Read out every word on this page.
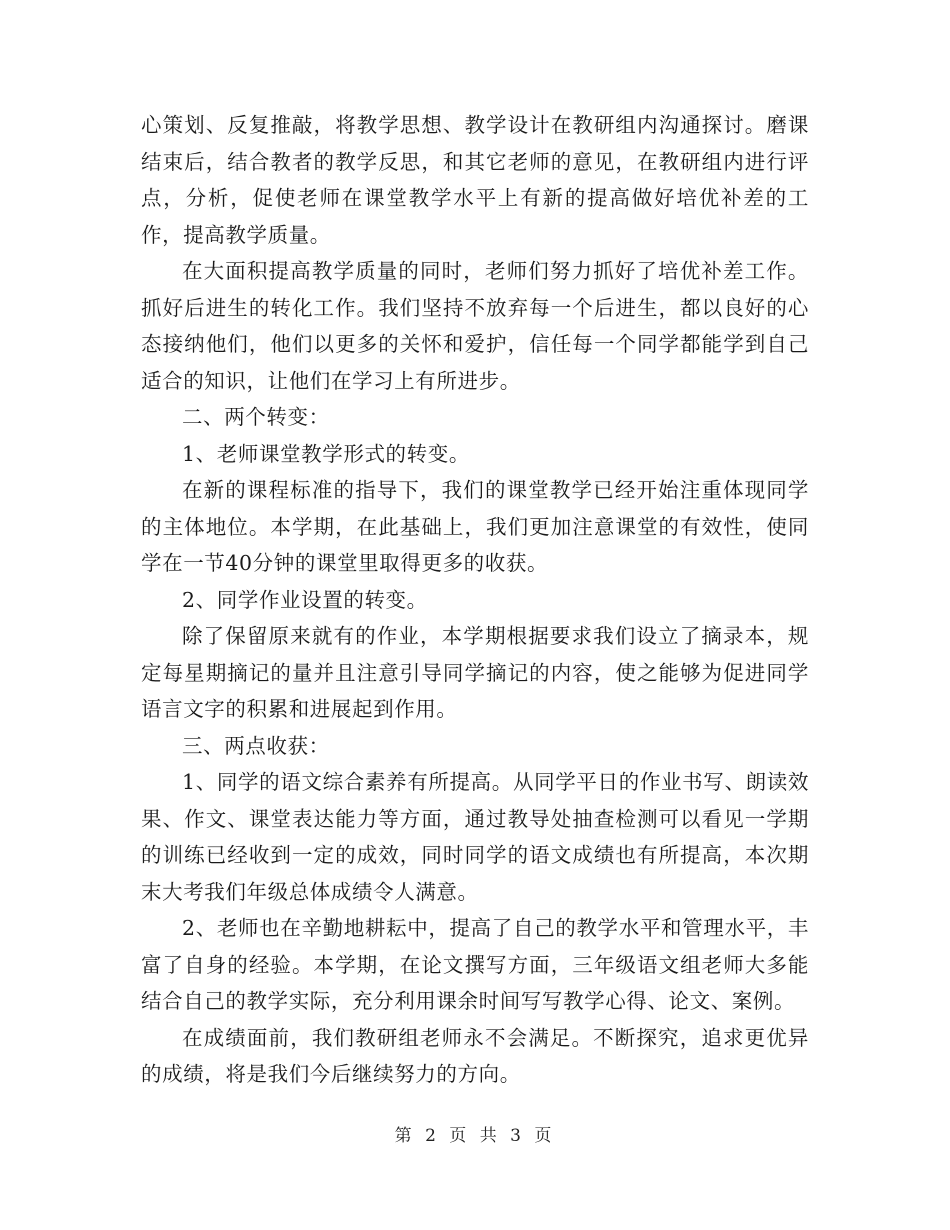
心策划、反复推敲，将教学思想、教学设计在教研组内沟通探讨。磨课结束后，结合教者的教学反思，和其它老师的意见，在教研组内进行评点，分析，促使老师在课堂教学水平上有新的提高做好培优补差的工作，提高教学质量。

在大面积提高教学质量的同时，老师们努力抓好了培优补差工作。抓好后进生的转化工作。我们坚持不放弃每一个后进生，都以良好的心态接纳他们，他们以更多的关怀和爱护，信任每一个同学都能学到自己适合的知识，让他们在学习上有所进步。

二、两个转变：

1、老师课堂教学形式的转变。

在新的课程标准的指导下，我们的课堂教学已经开始注重体现同学的主体地位。本学期，在此基础上，我们更加注意课堂的有效性，使同学在一节40分钟的课堂里取得更多的收获。

2、同学作业设置的转变。

除了保留原来就有的作业，本学期根据要求我们设立了摘录本，规定每星期摘记的量并且注意引导同学摘记的内容，使之能够为促进同学语言文字的积累和进展起到作用。

三、两点收获：

1、同学的语文综合素养有所提高。从同学平日的作业书写、朗读效果、作文、课堂表达能力等方面，通过教导处抽查检测可以看见一学期的训练已经收到一定的成效，同时同学的语文成绩也有所提高，本次期末大考我们年级总体成绩令人满意。

2、老师也在辛勤地耕耘中，提高了自己的教学水平和管理水平，丰富了自身的经验。本学期，在论文撰写方面，三年级语文组老师大多能结合自己的教学实际，充分利用课余时间写写教学心得、论文、案例。

在成绩面前，我们教研组老师永不会满足。不断探究，追求更优异的成绩，将是我们今后继续努力的方向。

第 2 页 共 3 页
